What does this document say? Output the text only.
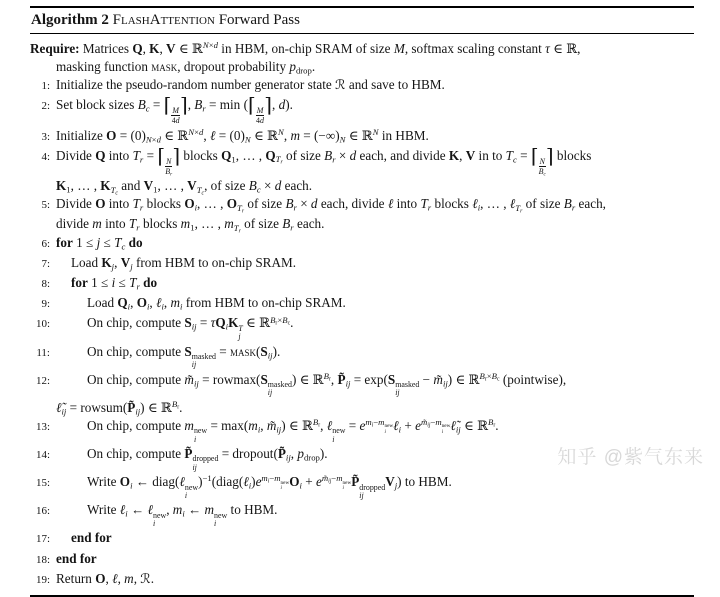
Algorithm 2 FlashAttention Forward Pass
Require: Matrices Q, K, V ∈ ℝ$^{N\times d}$ in HBM, on-chip SRAM of size M, softmax scaling constant τ ∈ ℝ,
masking function mask, dropout probability $p_{drop}$.
1: Initialize the pseudo-random number generator state ℛ and save to HBM.
2: Set block sizes $B_c$ = ⌈ $\frac{M}{4d}$ ⌉, $B_r = \min$ (⌈ $\frac{M}{4d}$ ⌉, d).
3: Initialize $O = (0)_{N\times d}$ ∈ ℝ$^{N\times d}$, ℓ = $(0)_N$ ∈ ℝ$^N$, $m = (-\infty)_N$ ∈ ℝ$^N$ in HBM.
4: Divide Q into $T_r$ = ⌈ $\frac{N}{B_r}$ ⌉ blocks $Q_1$, … , $Q_{T_r}$ of size $B_r \times d$ each, and divide K, V in to $T_c$ = ⌈ $\frac{N}{B_c}$ ⌉ blocks
$K_1$, … , $K_{T_c}$ and $V_1$, … , $V_{T_c}$, of size $B_c \times d$ each.
5: Divide O into $T_r$ blocks $O_i$, … , $O_{T_r}$ of size $B_r \times d$ each, divide ℓ into $T_r$ blocks ℓ$_i$, … , ℓ$_{T_r}$ of size $B_r$ each,
divide m into $T_r$ blocks $m_1$, … , $m_{T_r}$ of size $B_r$ each.
6: for $1 \le j \le T_c$ do
7:	Load $K_j$, $V_j$ from HBM to on-chip SRAM.
8:	for $1 \le i \le T_r$ do
9:	Load $Q_i$, $O_i$, ℓ$_i$, $m_i$ from HBM to on-chip SRAM.
10:	On chip, compute $S_{ij} = \tau Q_iK$ T
j
∈ ℝ$^{B_r\times B_c}$.
11:	On chip, compute S masked
ij
= $mask(S_{ij})$.
12:	On chip, compute $m̃_{ij} = rowmax(S$ masked
ij
) ∈ ℝ$^{B_r}$, $P̃_{ij} = \exp(S$ masked
ij
− $m̃_{ij}$) ∈ ℝ$^{B_r\times B_c}$ (pointwise),
$\ell̃_{ij}$ = $rowsum(P̃_{ij})$ ∈ ℝ$^{B_r}$.
13:	On chip, compute m new
i
= $\max(m_i$, $m̃_{ij}$) ∈ ℝ$^{B_r}$, ℓ new
i
= $e^{m_i-m new i}$ ℓ$_i$ + $e^{m̃_{ij}-m new i}$ $\ell̃_{ij}$ ∈ ℝ$^{B_r}$.
14:	On chip, compute P̃ dropped
ij
= $dropout(P̃_{ij}$, $p_{drop}$).
15:	Write $O_i$ ← diag(ℓ new
i
)$^{-1}(diag(\ell_i)e^{m_i-m new i}$ $O_i + e^{m̃_{ij}-m new i}$ P̃ dropped
ij
$V_j$) to HBM.
16:	Write ℓ$_i$ ← ℓ new
i
, $m_i$ ← m new
i
to HBM.
17:	end for
18: end for
19: Return O, ℓ, m, ℛ.
知乎 @紫气东来
